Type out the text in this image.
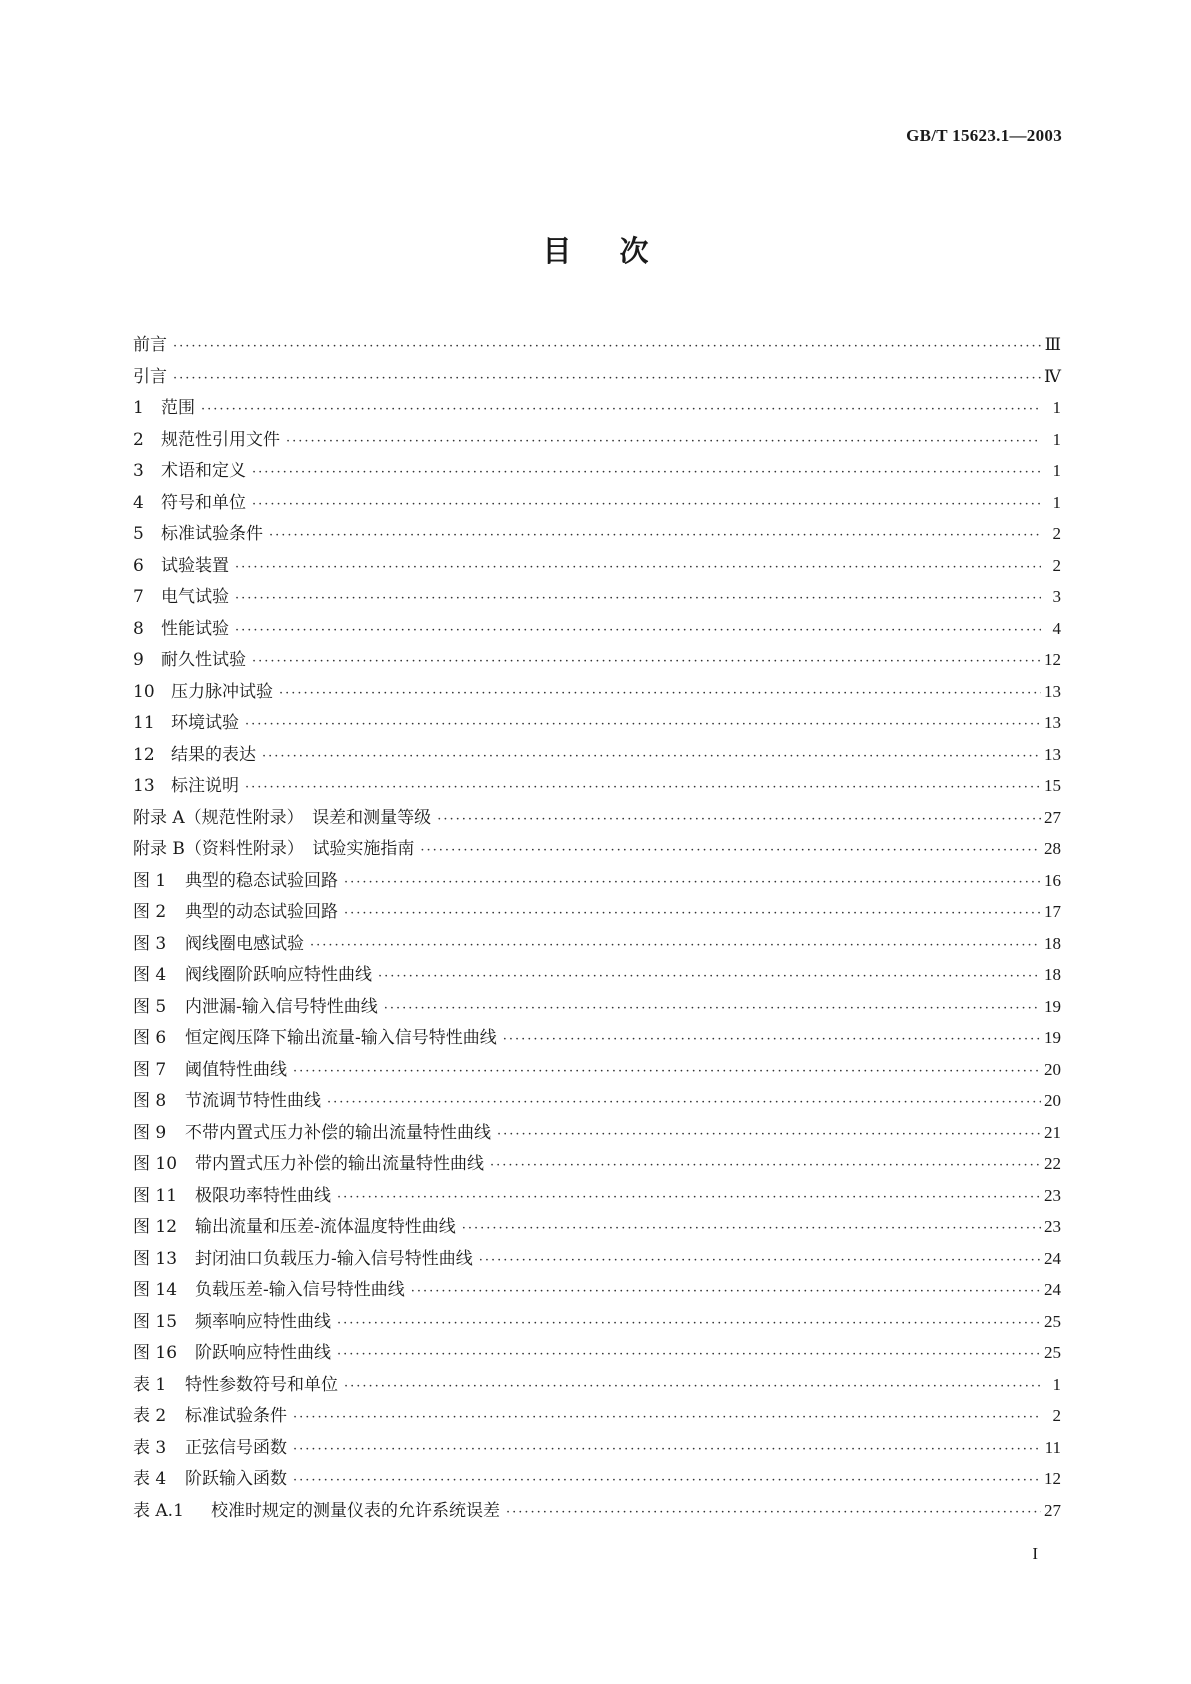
GB/T 15623.1—2003
目次
前言 ·····	Ⅲ
引言 ·····	Ⅳ
1	范围 ·····	1
2	规范性引用文件 ·····	1
3	术语和定义 ·····	1
4	符号和单位 ·····	1
5	标准试验条件 ·····	2
6	试验装置 ·····	2
7	电气试验 ·····	3
8	性能试验 ·····	4
9	耐久性试验 ·····	12
10 压力脉冲试验 ·····	13
11 环境试验 ·····	13
12 结果的表达 ·····	13
13 标注说明 ·····	15
附录 A（规范性附录）　误差和测量等级 ·····	27
附录 B（资料性附录）　试验实施指南 ·····	28
图 1	典型的稳态试验回路 ·····	16
图 2	典型的动态试验回路 ·····	17
图 3	阀线圈电感试验 ·····	18
图 4	阀线圈阶跃响应特性曲线 ·····	18
图 5	内泄漏-输入信号特性曲线 ·····	19
图 6	恒定阀压降下输出流量-输入信号特性曲线 ·····	19
图 7	阈值特性曲线 ·····	20
图 8	节流调节特性曲线 ·····	20
图 9	不带内置式压力补偿的输出流量特性曲线 ·····	21
图 10	带内置式压力补偿的输出流量特性曲线 ·····	22
图 11	极限功率特性曲线 ·····	23
图 12	输出流量和压差-流体温度特性曲线 ·····	23
图 13	封闭油口负载压力-输入信号特性曲线 ·····	24
图 14	负载压差-输入信号特性曲线 ·····	24
图 15	频率响应特性曲线 ·····	25
图 16	阶跃响应特性曲线 ·····	25
表 1	特性参数符号和单位 ·····	1
表 2	标准试验条件 ·····	2
表 3	正弦信号函数 ·····	11
表 4	阶跃输入函数 ·····	12
表 A.1	校准时规定的测量仪表的允许系统误差 ·····	27
I
